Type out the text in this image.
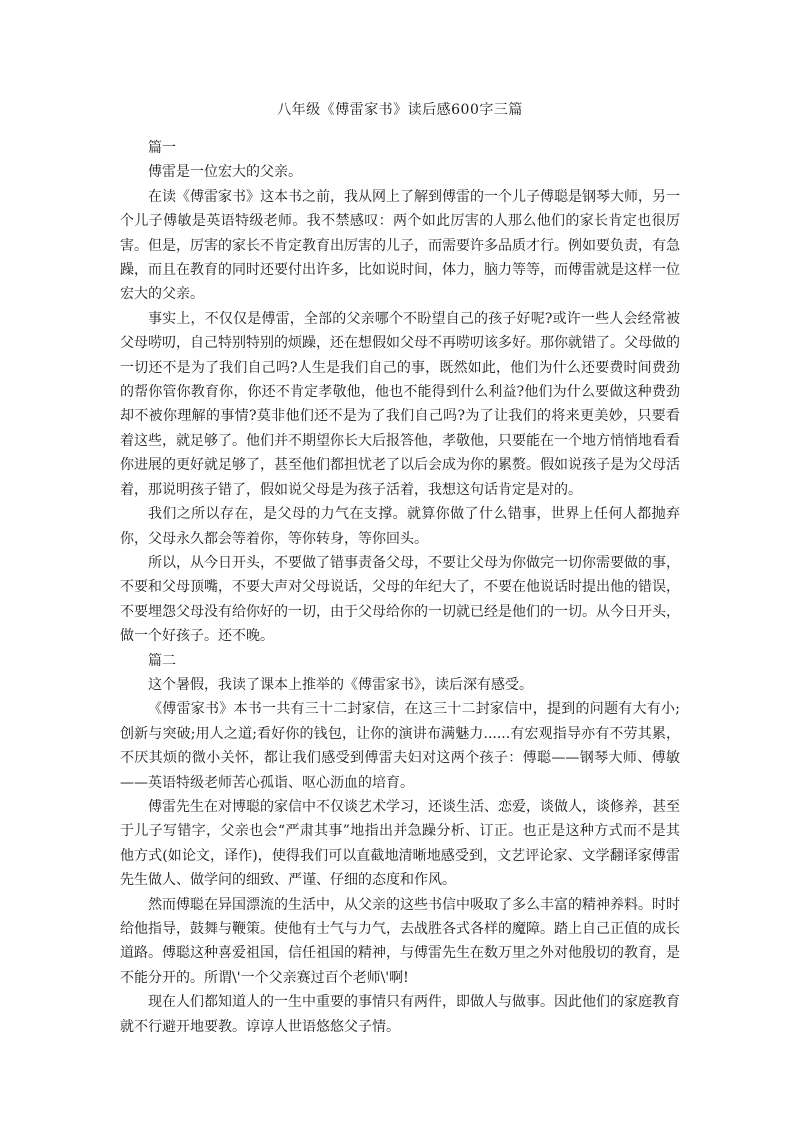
八年级《傅雷家书》读后感600字三篇

篇一

傅雷是一位宏大的父亲。

在读《傅雷家书》这本书之前，我从网上了解到傅雷的一个儿子傅聪是钢琴大师，另一个儿子傅敏是英语特级老师。我不禁感叹：两个如此厉害的人那么他们的家长肯定也很厉害。但是，厉害的家长不肯定教育出厉害的儿子，而需要许多品质才行。例如要负责，有急躁，而且在教育的同时还要付出许多，比如说时间，体力，脑力等等，而傅雷就是这样一位宏大的父亲。

事实上，不仅仅是傅雷，全部的父亲哪个不盼望自己的孩子好呢?或许一些人会经常被父母唠叨，自己特别特别的烦躁，还在想假如父母不再唠叨该多好。那你就错了。父母做的一切还不是为了我们自己吗?人生是我们自己的事，既然如此，他们为什么还要费时间费劲的帮你管你教育你，你还不肯定孝敬他，他也不能得到什么利益?他们为什么要做这种费劲却不被你理解的事情?莫非他们还不是为了我们自己吗?为了让我们的将来更美妙，只要看着这些，就足够了。他们并不期望你长大后报答他，孝敬他，只要能在一个地方悄悄地看看你进展的更好就足够了，甚至他们都担忧老了以后会成为你的累赘。假如说孩子是为父母活着，那说明孩子错了，假如说父母是为孩子活着，我想这句话肯定是对的。

我们之所以存在，是父母的力气在支撑。就算你做了什么错事，世界上任何人都抛弃你，父母永久都会等着你，等你转身，等你回头。

所以，从今日开头，不要做了错事责备父母，不要让父母为你做完一切你需要做的事，不要和父母顶嘴，不要大声对父母说话，父母的年纪大了，不要在他说话时提出他的错误，不要埋怨父母没有给你好的一切，由于父母给你的一切就已经是他们的一切。从今日开头，做一个好孩子。还不晚。

篇二

这个暑假，我读了课本上推举的《傅雷家书》，读后深有感受。

《傅雷家书》本书一共有三十二封家信，在这三十二封家信中，提到的问题有大有小;创新与突破;用人之道;看好你的钱包，让你的演讲布满魅力......有宏观指导亦有不劳其累，不厌其烦的微小关怀，都让我们感受到傅雷夫妇对这两个孩子：傅聪——钢琴大师、傅敏——英语特级老师苦心孤诣、呕心沥血的培育。

傅雷先生在对博聪的家信中不仅谈艺术学习，还谈生活、恋爱，谈做人，谈修养，甚至于儿子写错字，父亲也会“严肃其事”地指出并急躁分析、订正。也正是这种方式而不是其他方式(如论文，译作)，使得我们可以直截地清晰地感受到，文艺评论家、文学翻译家傅雷先生做人、做学问的细致、严谨、仔细的态度和作风。

然而傅聪在异国漂流的生活中，从父亲的这些书信中吸取了多么丰富的精神养料。时时给他指导，鼓舞与鞭策。使他有士气与力气，去战胜各式各样的魔障。踏上自己正值的成长道路。傅聪这种喜爱祖国，信任祖国的精神，与傅雷先生在数万里之外对他殷切的教育，是不能分开的。所谓\'一个父亲赛过百个老师\'啊!

现在人们都知道人的一生中重要的事情只有两件，即做人与做事。因此他们的家庭教育就不行避开地要教。谆谆人世语悠悠父子情。
